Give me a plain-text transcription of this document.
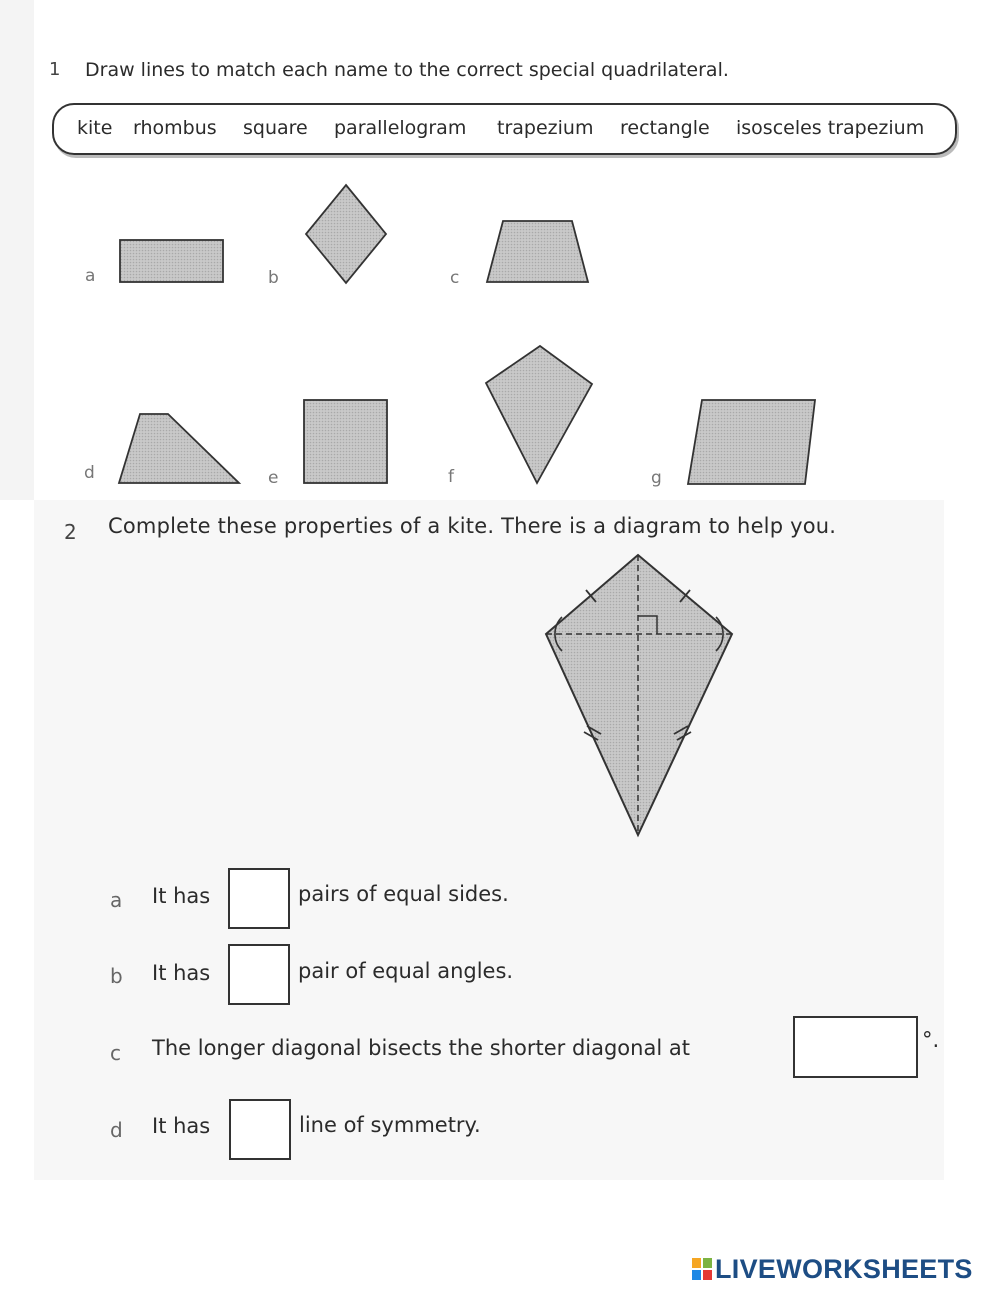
1 Draw lines to match each name to the correct special quadrilateral.
kite rhombus square parallelogram trapezium rectangle isosceles trapezium
a	b	c
d	e	f	g
2 Complete these properties of a kite. There is a diagram to help you.
a It has	pairs of equal sides.
b It has	pair of equal angles.
c The longer diagonal bisects the shorter diagonal at	°.
d It has	line of symmetry.
LIVEWORKSHEETS
